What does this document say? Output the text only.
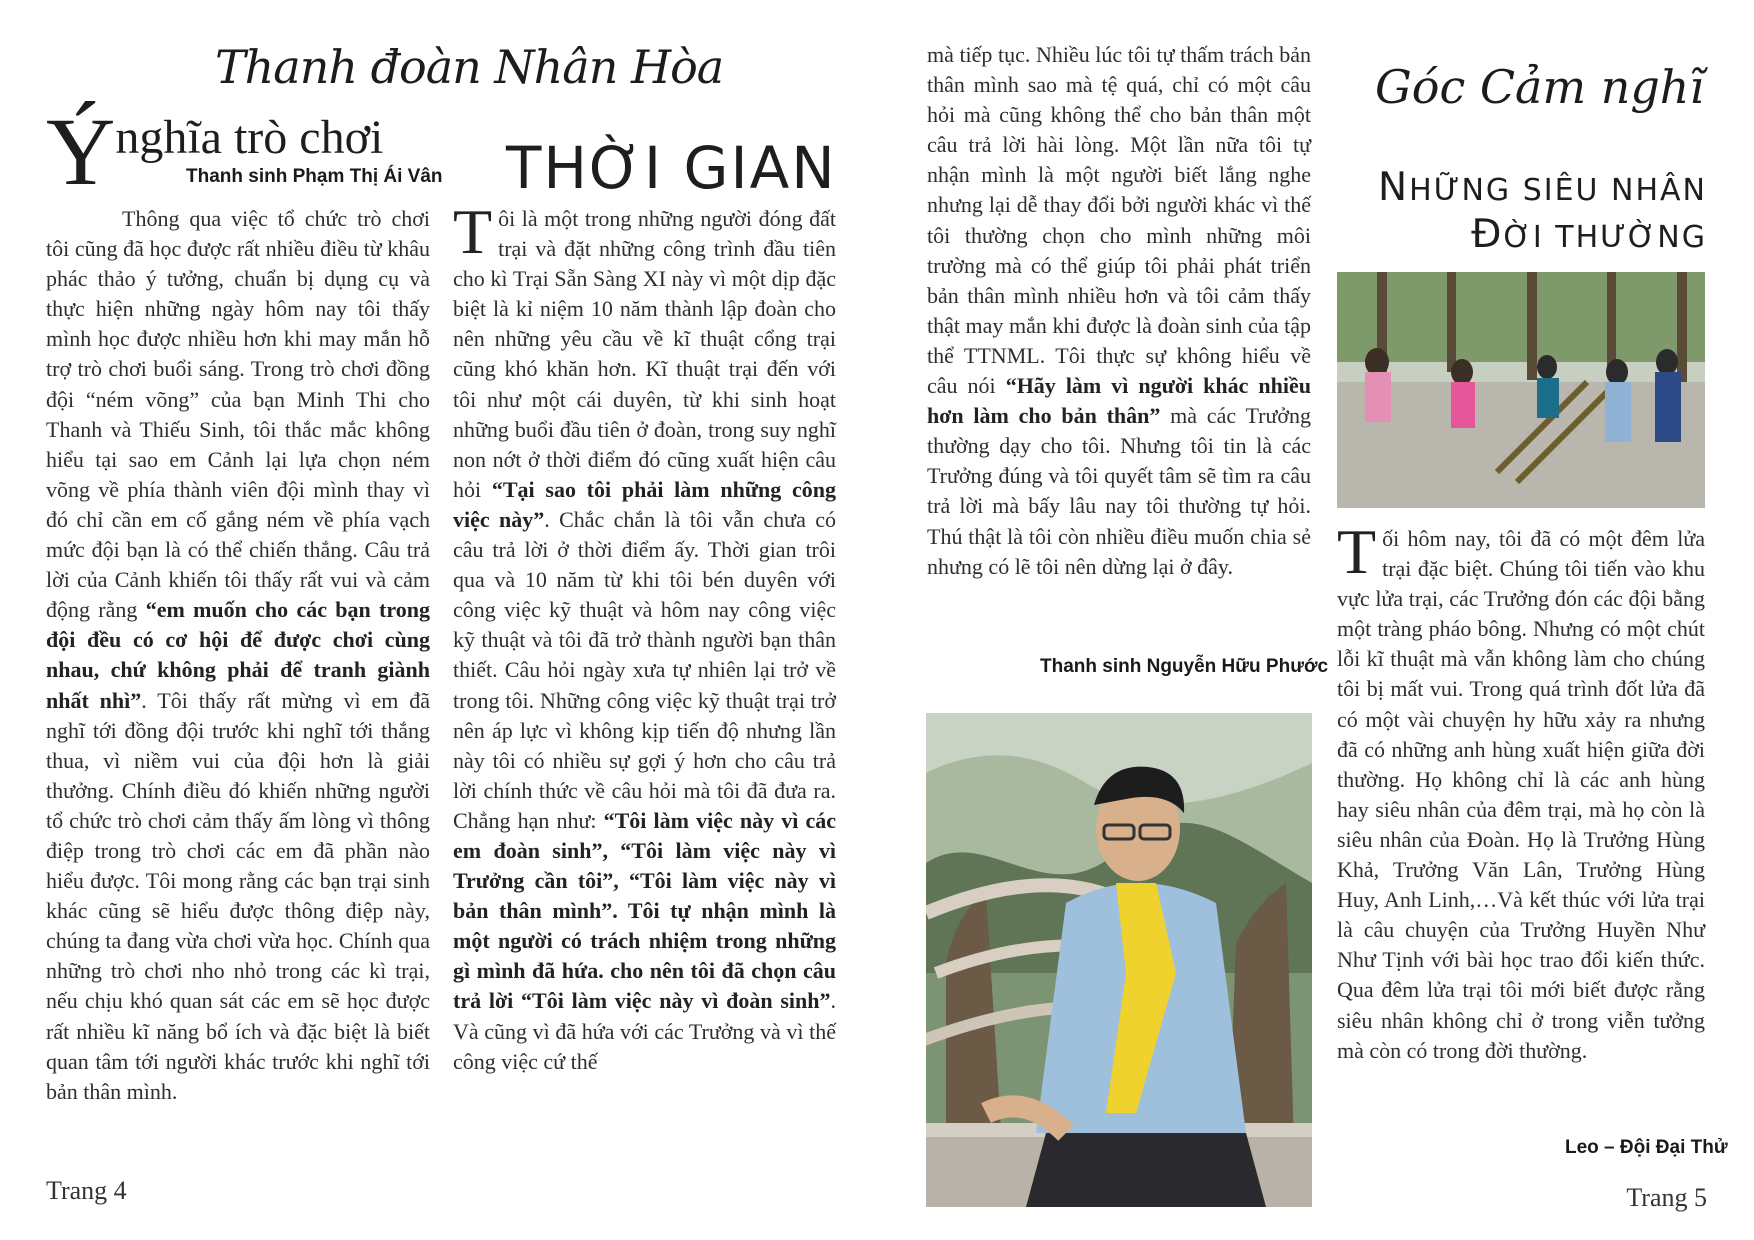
Thanh đoàn Nhân Hòa	Góc Cảm nghĩ
Ýnghĩa trò chơi
Thanh sinh Phạm Thị Ái Vân THỜI GIAN

Thông qua việc tổ chức trò chơi tôi cũng đã học được rất nhiều điều từ khâu phác thảo ý tưởng, chuẩn bị dụng cụ và thực hiện những ngày hôm nay tôi thấy mình học được nhiều hơn khi may mắn hỗ trợ trò chơi buổi sáng. Trong trò chơi đồng đội “ném võng” của bạn Minh Thi cho Thanh và Thiếu Sinh, tôi thắc mắc không hiểu tại sao em Cảnh lại lựa chọn ném võng về phía thành viên đội mình thay vì đó chỉ cần em cố gắng ném về phía vạch mức đội bạn là có thể chiến thắng. Câu trả lời của Cảnh khiến tôi thấy rất vui và cảm động rằng “em muốn cho các bạn trong đội đều có cơ hội để được chơi cùng nhau, chứ không phải để tranh giành nhất nhì”. Tôi thấy rất mừng vì em đã nghĩ tới đồng đội trước khi nghĩ tới thắng thua, vì niềm vui của đội hơn là giải thưởng. Chính điều đó khiến những người tổ chức trò chơi cảm thấy ấm lòng vì thông điệp trong trò chơi các em đã phần nào hiểu được. Tôi mong rằng các bạn trại sinh khác cũng sẽ hiểu được thông điệp này, chúng ta đang vừa chơi vừa học. Chính qua những trò chơi nho nhỏ trong các kì trại, nếu chịu khó quan sát các em sẽ học được rất nhiều kĩ năng bổ ích và đặc biệt là biết quan tâm tới người khác trước khi nghĩ tới bản thân mình.

Tôi là một trong những người đóng đất trại và đặt những công trình đầu tiên cho kì Trại Sẵn Sàng XI này vì một dịp đặc biệt là kỉ niệm 10 năm thành lập đoàn cho nên những yêu cầu về kĩ thuật cổng trại cũng khó khăn hơn. Kĩ thuật trại đến với tôi như một cái duyên, từ khi sinh hoạt những buổi đầu tiên ở đoàn, trong suy nghĩ non nớt ở thời điểm đó cũng xuất hiện câu hỏi “Tại sao tôi phải làm những công việc này”. Chắc chắn là tôi vẫn chưa có câu trả lời ở thời điểm ấy. Thời gian trôi qua và 10 năm từ khi tôi bén duyên với công việc kỹ thuật và hôm nay công việc kỹ thuật và tôi đã trở thành người bạn thân thiết. Câu hỏi ngày xưa tự nhiên lại trở về trong tôi. Những công việc kỹ thuật trại trở nên áp lực vì không kịp tiến độ nhưng lần này tôi có nhiều sự gợi ý hơn cho câu trả lời chính thức về câu hỏi mà tôi đã đưa ra. Chẳng hạn như: “Tôi làm việc này vì các em đoàn sinh”, “Tôi làm việc này vì Trưởng cần tôi”, “Tôi làm việc này vì bản thân mình”. Tôi tự nhận mình là một người có trách nhiệm trong những gì mình đã hứa. cho nên tôi đã chọn câu trả lời “Tôi làm việc này vì đoàn sinh”. Và cũng vì đã hứa với các Trưởng và vì thế công việc cứ thế

mà tiếp tục. Nhiều lúc tôi tự thấm trách bản thân mình sao mà tệ quá, chỉ có một câu hỏi mà cũng không thể cho bản thân một câu trả lời hài lòng. Một lần nữa tôi tự nhận mình là một người biết lắng nghe nhưng lại dễ thay đổi bởi người khác vì thế tôi thường chọn cho mình những môi trường mà có thể giúp tôi phải phát triển bản thân mình nhiều hơn và tôi cảm thấy thật may mắn khi được là đoàn sinh của tập thể TTNML. Tôi thực sự không hiểu về câu nói “Hãy làm vì người khác nhiều hơn làm cho bản thân” mà các Trưởng thường dạy cho tôi. Nhưng tôi tin là các Trưởng đúng và tôi quyết tâm sẽ tìm ra câu trả lời mà bấy lâu nay tôi thường tự hỏi. Thú thật là tôi còn nhiều điều muốn chia sẻ nhưng có lẽ tôi nên dừng lại ở đây.

Thanh sinh Nguyễn Hữu Phước
NHỮNG SIÊU NHÂN
ĐỜI THƯỜNG

Tối hôm nay, tôi đã có một đêm lửa trại đặc biệt. Chúng tôi tiến vào khu vực lửa trại, các Trưởng đón các đội bằng một tràng pháo bông. Nhưng có một chút lỗi kĩ thuật mà vẫn không làm cho chúng tôi bị mất vui. Trong quá trình đốt lửa đã có một vài chuyện hy hữu xảy ra nhưng đã có những anh hùng xuất hiện giữa đời thường. Họ không chỉ là các anh hùng hay siêu nhân của đêm trại, mà họ còn là siêu nhân của Đoàn. Họ là Trưởng Hùng Khả, Trưởng Văn Lân, Trưởng Hùng Huy, Anh Linh,…Và kết thúc với lửa trại là câu chuyện của Trưởng Huyền Như Như Tịnh với bài học trao đổi kiến thức. Qua đêm lửa trại tôi mới biết được rằng siêu nhân không chỉ ở trong viễn tưởng mà còn có trong đời thường.

Leo – Đội Đại Thử
Trang 4	Trang 5
